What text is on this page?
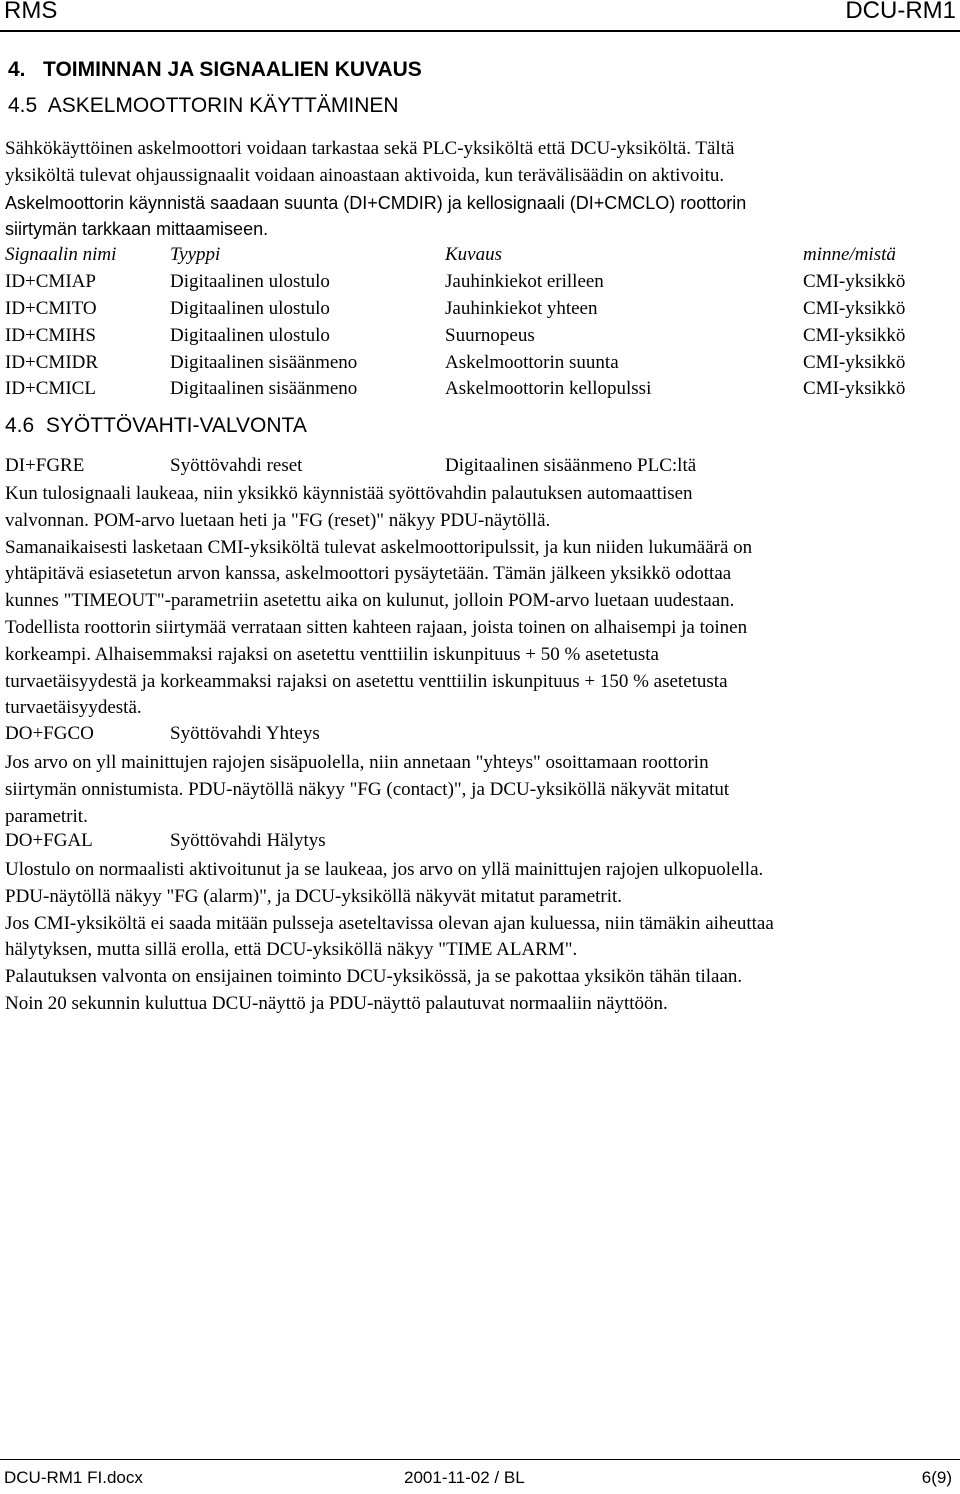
RMS	DCU-RM1
4.   TOIMINNAN JA SIGNAALIEN KUVAUS
4.5  ASKELMOOTTORIN KÄYTTÄMINEN
Sähkökäyttöinen askelmoottori voidaan tarkastaa sekä PLC-yksiköltä että DCU-yksiköltä. Tältä
yksiköltä tulevat ohjaussignaalit voidaan ainoastaan aktivoida, kun terävälisäädin on aktivoitu.
Askelmoottorin käynnistä saadaan suunta (DI+CMDIR) ja kellosignaali (DI+CMCLO) roottorin
siirtymän tarkkaan mittaamiseen.
Signaalin nimi	Tyyppi	Kuvaus	minne/mistä
ID+CMIAP	Digitaalinen ulostulo	Jauhinkiekot erilleen	CMI-yksikkö
ID+CMITO	Digitaalinen ulostulo	Jauhinkiekot yhteen	CMI-yksikkö
ID+CMIHS	Digitaalinen ulostulo	Suurnopeus	CMI-yksikkö
ID+CMIDR	Digitaalinen sisäänmeno	Askelmoottorin suunta	CMI-yksikkö
ID+CMICL	Digitaalinen sisäänmeno	Askelmoottorin kellopulssi	CMI-yksikkö
4.6  SYÖTTÖVAHTI-VALVONTA
DI+FGRE	Syöttövahdi reset	Digitaalinen sisäänmeno PLC:ltä
Kun tulosignaali laukeaa, niin yksikkö käynnistää syöttövahdin palautuksen automaattisen
valvonnan. POM-arvo luetaan heti ja "FG (reset)" näkyy PDU-näytöllä.
Samanaikaisesti lasketaan CMI-yksiköltä tulevat askelmoottoripulssit, ja kun niiden lukumäärä on
yhtäpitävä esiasetetun arvon kanssa, askelmoottori pysäytetään. Tämän jälkeen yksikkö odottaa
kunnes "TIMEOUT"-parametriin asetettu aika on kulunut, jolloin POM-arvo luetaan uudestaan.
Todellista roottorin siirtymää verrataan sitten kahteen rajaan, joista toinen on alhaisempi ja toinen
korkeampi. Alhaisemmaksi rajaksi on asetettu venttiilin iskunpituus + 50 % asetetusta
turvaetäisyydestä ja korkeammaksi rajaksi on asetettu venttiilin iskunpituus + 150 % asetetusta
turvaetäisyydestä.
DO+FGCO	Syöttövahdi Yhteys
Jos arvo on yll mainittujen rajojen sisäpuolella, niin annetaan "yhteys" osoittamaan roottorin
siirtymän onnistumista. PDU-näytöllä näkyy "FG (contact)", ja DCU-yksiköllä näkyvät mitatut
parametrit.
DO+FGAL	Syöttövahdi Hälytys
Ulostulo on normaalisti aktivoitunut ja se laukeaa, jos arvo on yllä mainittujen rajojen ulkopuolella.
PDU-näytöllä näkyy "FG (alarm)", ja DCU-yksiköllä näkyvät mitatut parametrit.
Jos CMI-yksiköltä ei saada mitään pulsseja aseteltavissa olevan ajan kuluessa, niin tämäkin aiheuttaa
hälytyksen, mutta sillä erolla, että DCU-yksiköllä näkyy "TIME ALARM".
Palautuksen valvonta on ensijainen toiminto DCU-yksikössä, ja se pakottaa yksikön tähän tilaan.
Noin 20 sekunnin kuluttua DCU-näyttö ja PDU-näyttö palautuvat normaaliin näyttöön.
DCU-RM1 FI.docx	2001-11-02 / BL	6(9)
